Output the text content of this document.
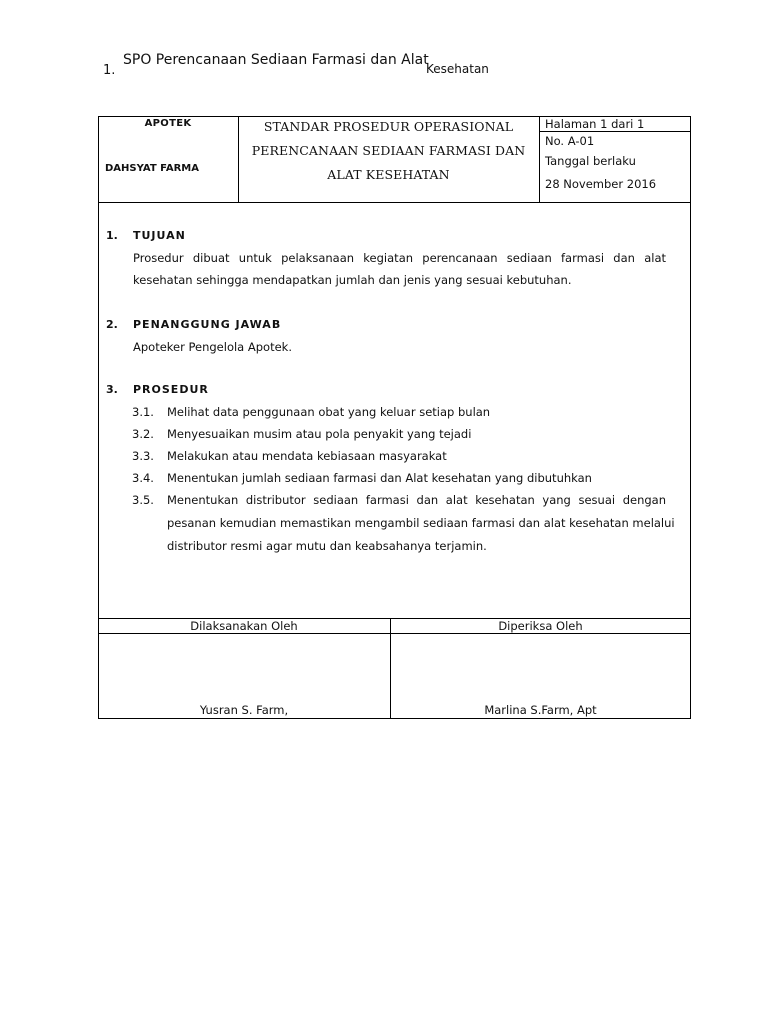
1.
SPO Perencanaan Sediaan Farmasi dan Alat
Kesehatan
APOTEK
DAHSYAT FARMA
STANDAR PROSEDUR OPERASIONAL
PERENCANAAN SEDIAAN FARMASI DAN
ALAT KESEHATAN
Halaman 1 dari 1
No. A-01
Tanggal berlaku
28 November 2016
1. TUJUAN
Prosedur dibuat untuk pelaksanaan kegiatan perencanaan sediaan farmasi dan alat
kesehatan sehingga mendapatkan jumlah dan jenis yang sesuai kebutuhan.
2. PENANGGUNG JAWAB
Apoteker Pengelola Apotek.
3. PROSEDUR
3.1. Melihat data penggunaan obat yang keluar setiap bulan
3.2. Menyesuaikan musim atau pola penyakit yang tejadi
3.3. Melakukan atau mendata kebiasaan masyarakat
3.4. Menentukan jumlah sediaan farmasi dan Alat kesehatan yang dibutuhkan
3.5. Menentukan distributor sediaan farmasi dan alat kesehatan yang sesuai dengan
pesanan kemudian memastikan mengambil sediaan farmasi dan alat kesehatan melalui
distributor resmi agar mutu dan keabsahanya terjamin.
Dilaksanakan Oleh	Diperiksa Oleh
Yusran S. Farm,	Marlina S.Farm, Apt
